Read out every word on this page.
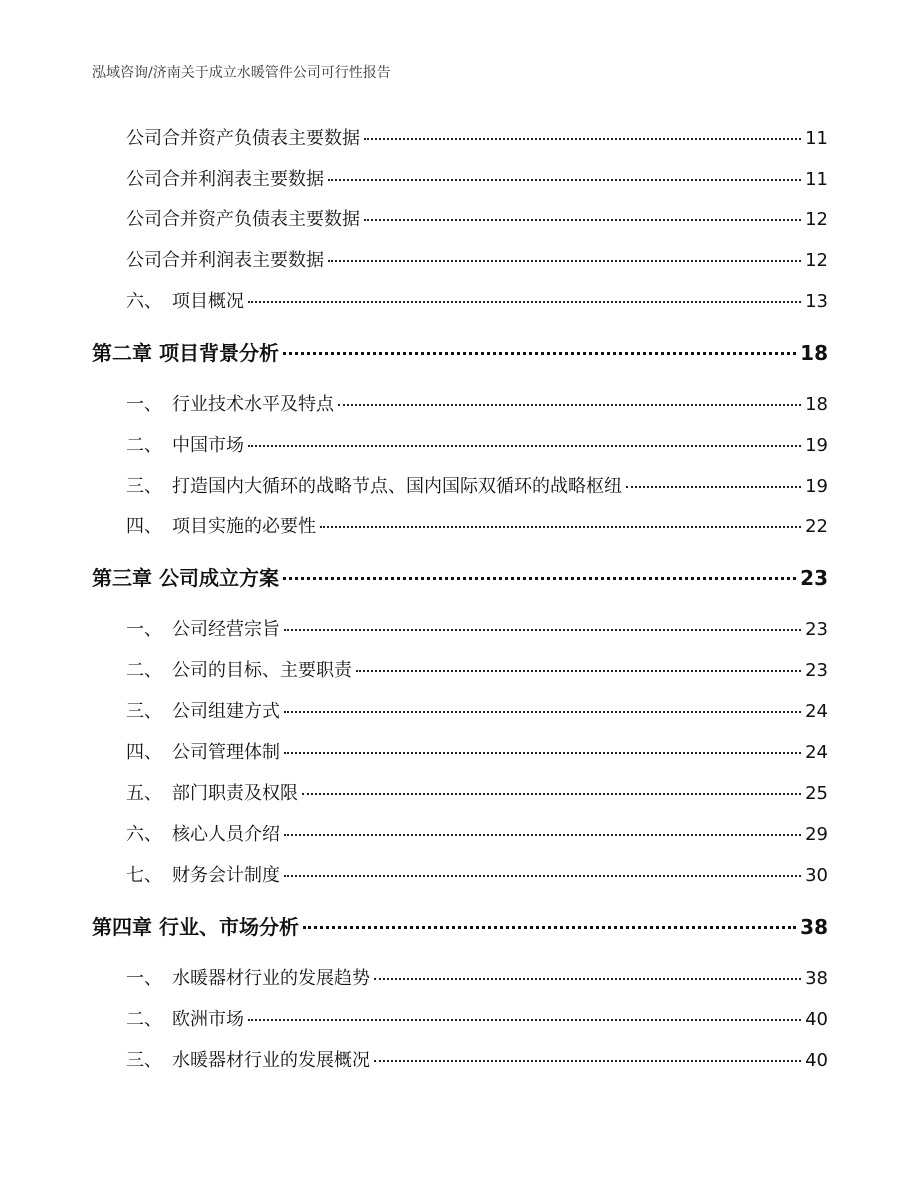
泓域咨询/济南关于成立水暖管件公司可行性报告
公司合并资产负债表主要数据	11
公司合并利润表主要数据	11
公司合并资产负债表主要数据	12
公司合并利润表主要数据	12
六、 项目概况	13
第二章 项目背景分析	18
一、 行业技术水平及特点	18
二、 中国市场	19
三、 打造国内大循环的战略节点、国内国际双循环的战略枢纽	19
四、 项目实施的必要性	22
第三章 公司成立方案	23
一、 公司经营宗旨	23
二、 公司的目标、主要职责	23
三、 公司组建方式	24
四、 公司管理体制	24
五、 部门职责及权限	25
六、 核心人员介绍	29
七、 财务会计制度	30
第四章 行业、市场分析	38
一、 水暖器材行业的发展趋势	38
二、 欧洲市场	40
三、 水暖器材行业的发展概况	40
